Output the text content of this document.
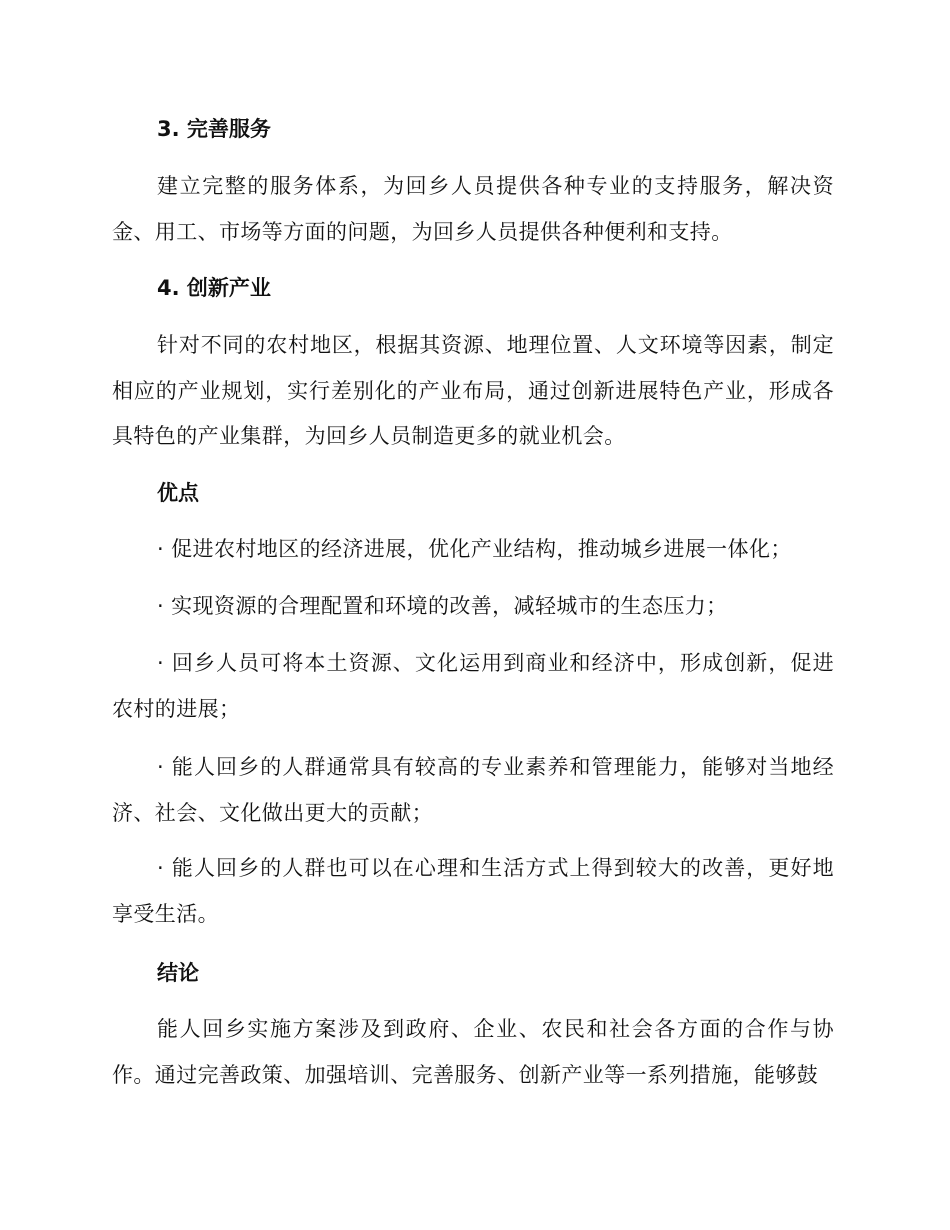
3. 完善服务

建立完整的服务体系，为回乡人员提供各种专业的支持服务，解决资金、用工、市场等方面的问题，为回乡人员提供各种便利和支持。

4. 创新产业

针对不同的农村地区，根据其资源、地理位置、人文环境等因素，制定相应的产业规划，实行差别化的产业布局，通过创新进展特色产业，形成各具特色的产业集群，为回乡人员制造更多的就业机会。

优点

· 促进农村地区的经济进展，优化产业结构，推动城乡进展一体化；

· 实现资源的合理配置和环境的改善，减轻城市的生态压力；

· 回乡人员可将本土资源、文化运用到商业和经济中，形成创新，促进农村的进展；

· 能人回乡的人群通常具有较高的专业素养和管理能力，能够对当地经济、社会、文化做出更大的贡献；

· 能人回乡的人群也可以在心理和生活方式上得到较大的改善，更好地享受生活。

结论

能人回乡实施方案涉及到政府、企业、农民和社会各方面的合作与协作。通过完善政策、加强培训、完善服务、创新产业等一系列措施，能够鼓
